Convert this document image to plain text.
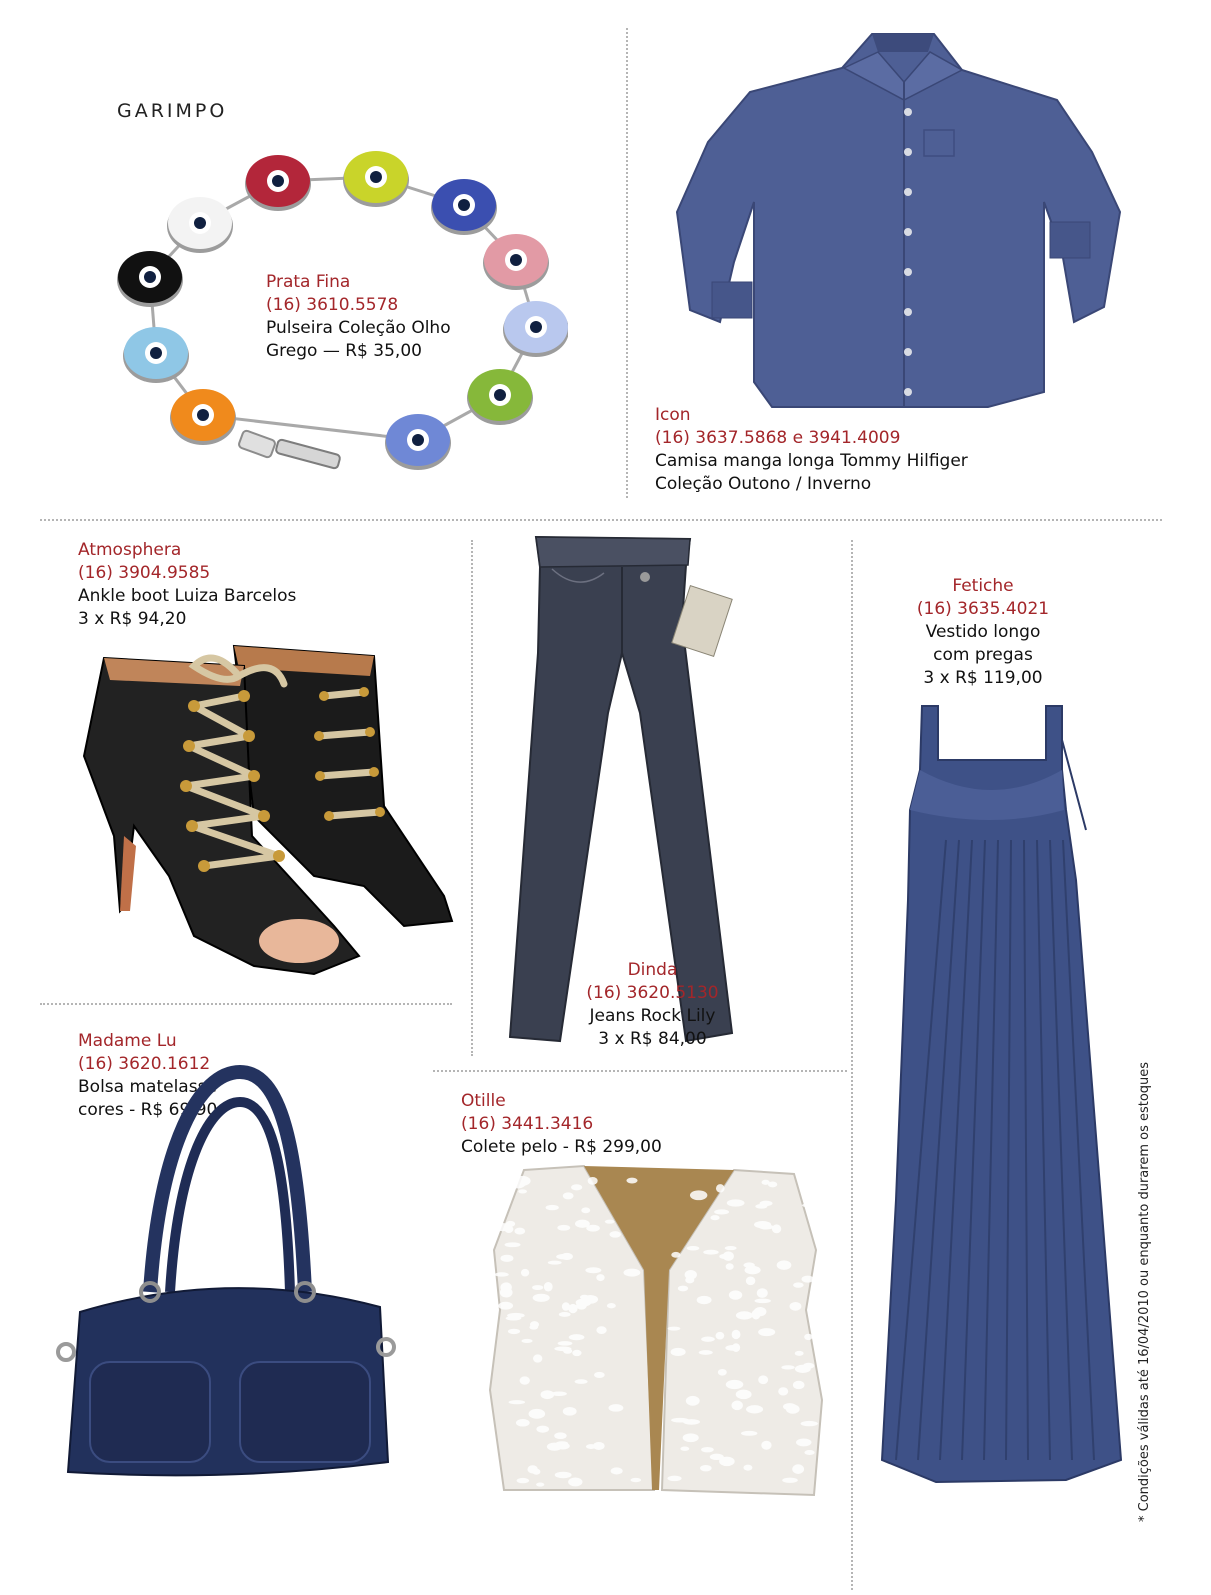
GARIMPO
Prata Fina
(16) 3610.5578
Pulseira Coleção Olho
Grego — R$ 35,00
Icon
(16) 3637.5868 e 3941.4009
Camisa manga longa Tommy Hilfiger
Coleção Outono / Inverno
Atmosphera
(16) 3904.9585
Ankle boot Luiza Barcelos
3 x R$ 94,20
Dinda
(16) 3620.5130
Jeans Rock Lily
3 x R$ 84,00
Fetiche
(16) 3635.4021
Vestido longo
com pregas
3 x R$ 119,00
Madame Lu
(16) 3620.1612
Bolsa matelassê
cores - R$ 69,90	Otille
(16) 3441.3416
Colete pelo - R$ 299,00	* Condições válidas até 16/04/2010 ou enquanto durarem os estoques
